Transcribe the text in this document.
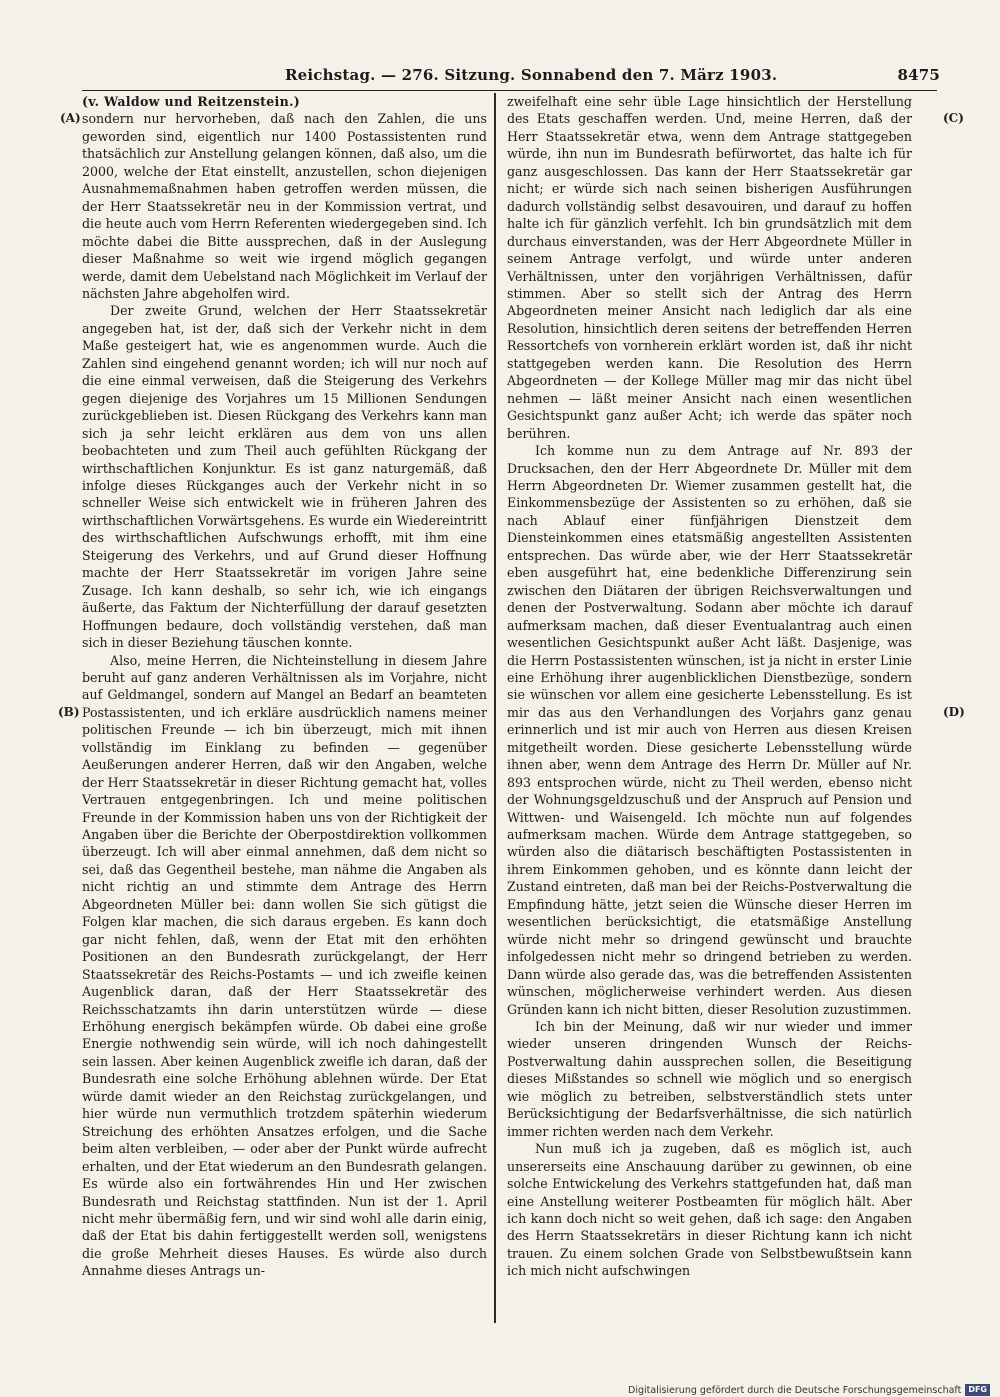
Reichstag. — 276. Sitzung. Sonnabend den 7. März 1903.	8475
(A)
(B)
(C)
(D)

(v. Waldow und Reitzenstein.)

sondern nur hervorheben, daß nach den Zahlen, die uns geworden sind, eigentlich nur 1400 Postassistenten rund thatsächlich zur Anstellung gelangen können, daß also, um die 2000, welche der Etat einstellt, anzustellen, schon diejenigen Ausnahmemaßnahmen haben getroffen werden müssen, die der Herr Staatssekretär neu in der Kommission vertrat, und die heute auch vom Herrn Referenten wiedergegeben sind. Ich möchte dabei die Bitte aussprechen, daß in der Auslegung dieser Maßnahme so weit wie irgend möglich gegangen werde, damit dem Uebelstand nach Möglichkeit im Verlauf der nächsten Jahre abgeholfen wird.

Der zweite Grund, welchen der Herr Staatssekretär angegeben hat, ist der, daß sich der Verkehr nicht in dem Maße gesteigert hat, wie es angenommen wurde. Auch die Zahlen sind eingehend genannt worden; ich will nur noch auf die eine einmal verweisen, daß die Steigerung des Verkehrs gegen diejenige des Vorjahres um 15 Millionen Sendungen zurückgeblieben ist. Diesen Rückgang des Verkehrs kann man sich ja sehr leicht erklären aus dem von uns allen beobachteten und zum Theil auch gefühlten Rückgang der wirthschaftlichen Konjunktur. Es ist ganz naturgemäß, daß infolge dieses Rückganges auch der Verkehr nicht in so schneller Weise sich entwickelt wie in früheren Jahren des wirthschaftlichen Vorwärtsgehens. Es wurde ein Wiedereintritt des wirthschaftlichen Aufschwungs erhofft, mit ihm eine Steigerung des Verkehrs, und auf Grund dieser Hoffnung machte der Herr Staatssekretär im vorigen Jahre seine Zusage. Ich kann deshalb, so sehr ich, wie ich eingangs äußerte, das Faktum der Nichterfüllung der darauf gesetzten Hoffnungen bedaure, doch vollständig verstehen, daß man sich in dieser Beziehung täuschen konnte.

Also, meine Herren, die Nichteinstellung in diesem Jahre beruht auf ganz anderen Verhältnissen als im Vorjahre, nicht auf Geldmangel, sondern auf Mangel an Bedarf an beamteten Postassistenten, und ich erkläre ausdrücklich namens meiner politischen Freunde — ich bin überzeugt, mich mit ihnen vollständig im Einklang zu befinden — gegenüber Aeußerungen anderer Herren, daß wir den Angaben, welche der Herr Staatssekretär in dieser Richtung gemacht hat, volles Vertrauen entgegenbringen. Ich und meine politischen Freunde in der Kommission haben uns von der Richtigkeit der Angaben über die Berichte der Oberpostdirektion vollkommen überzeugt. Ich will aber einmal annehmen, daß dem nicht so sei, daß das Gegentheil bestehe, man nähme die Angaben als nicht richtig an und stimmte dem Antrage des Herrn Abgeordneten Müller bei: dann wollen Sie sich gütigst die Folgen klar machen, die sich daraus ergeben. Es kann doch gar nicht fehlen, daß, wenn der Etat mit den erhöhten Positionen an den Bundesrath zurückgelangt, der Herr Staatssekretär des Reichs-Postamts — und ich zweifle keinen Augenblick daran, daß der Herr Staatssekretär des Reichsschatzamts ihn darin unterstützen würde — diese Erhöhung energisch bekämpfen würde. Ob dabei eine große Energie nothwendig sein würde, will ich noch dahingestellt sein lassen. Aber keinen Augenblick zweifle ich daran, daß der Bundesrath eine solche Erhöhung ablehnen würde. Der Etat würde damit wieder an den Reichstag zurückgelangen, und hier würde nun vermuthlich trotzdem späterhin wiederum Streichung des erhöhten Ansatzes erfolgen, und die Sache beim alten verbleiben, — oder aber der Punkt würde aufrecht erhalten, und der Etat wiederum an den Bundesrath gelangen. Es würde also ein fortwährendes Hin und Her zwischen Bundesrath und Reichstag stattfinden. Nun ist der 1. April nicht mehr übermäßig fern, und wir sind wohl alle darin einig, daß der Etat bis dahin fertiggestellt werden soll, wenigstens die große Mehrheit dieses Hauses. Es würde also durch Annahme dieses Antrags un-

zweifelhaft eine sehr üble Lage hinsichtlich der Herstellung des Etats geschaffen werden. Und, meine Herren, daß der Herr Staatssekretär etwa, wenn dem Antrage stattgegeben würde, ihn nun im Bundesrath befürwortet, das halte ich für ganz ausgeschlossen. Das kann der Herr Staatssekretär gar nicht; er würde sich nach seinen bisherigen Ausführungen dadurch vollständig selbst desavouiren, und darauf zu hoffen halte ich für gänzlich verfehlt. Ich bin grundsätzlich mit dem durchaus einverstanden, was der Herr Abgeordnete Müller in seinem Antrage verfolgt, und würde unter anderen Verhältnissen, unter den vorjährigen Verhältnissen, dafür stimmen. Aber so stellt sich der Antrag des Herrn Abgeordneten meiner Ansicht nach lediglich dar als eine Resolution, hinsichtlich deren seitens der betreffenden Herren Ressortchefs von vornherein erklärt worden ist, daß ihr nicht stattgegeben werden kann. Die Resolution des Herrn Abgeordneten — der Kollege Müller mag mir das nicht übel nehmen — läßt meiner Ansicht nach einen wesentlichen Gesichtspunkt ganz außer Acht; ich werde das später noch berühren.

Ich komme nun zu dem Antrage auf Nr. 893 der Drucksachen, den der Herr Abgeordnete Dr. Müller mit dem Herrn Abgeordneten Dr. Wiemer zusammen gestellt hat, die Einkommensbezüge der Assistenten so zu erhöhen, daß sie nach Ablauf einer fünfjährigen Dienstzeit dem Diensteinkommen eines etatsmäßig angestellten Assistenten entsprechen. Das würde aber, wie der Herr Staatssekretär eben ausgeführt hat, eine bedenkliche Differenzirung sein zwischen den Diätaren der übrigen Reichsverwaltungen und denen der Postverwaltung. Sodann aber möchte ich darauf aufmerksam machen, daß dieser Eventualantrag auch einen wesentlichen Gesichtspunkt außer Acht läßt. Dasjenige, was die Herrn Postassistenten wünschen, ist ja nicht in erster Linie eine Erhöhung ihrer augenblicklichen Dienstbezüge, sondern sie wünschen vor allem eine gesicherte Lebensstellung. Es ist mir das aus den Verhandlungen des Vorjahrs ganz genau erinnerlich und ist mir auch von Herren aus diesen Kreisen mitgetheilt worden. Diese gesicherte Lebensstellung würde ihnen aber, wenn dem Antrage des Herrn Dr. Müller auf Nr. 893 entsprochen würde, nicht zu Theil werden, ebenso nicht der Wohnungsgeldzuschuß und der Anspruch auf Pension und Wittwen- und Waisengeld. Ich möchte nun auf folgendes aufmerksam machen. Würde dem Antrage stattgegeben, so würden also die diätarisch beschäftigten Postassistenten in ihrem Einkommen gehoben, und es könnte dann leicht der Zustand eintreten, daß man bei der Reichs-Postverwaltung die Empfindung hätte, jetzt seien die Wünsche dieser Herren im wesentlichen berücksichtigt, die etatsmäßige Anstellung würde nicht mehr so dringend gewünscht und brauchte infolgedessen nicht mehr so dringend betrieben zu werden. Dann würde also gerade das, was die betreffenden Assistenten wünschen, möglicherweise verhindert werden. Aus diesen Gründen kann ich nicht bitten, dieser Resolution zuzustimmen.

Ich bin der Meinung, daß wir nur wieder und immer wieder unseren dringenden Wunsch der Reichs-Postverwaltung dahin aussprechen sollen, die Beseitigung dieses Mißstandes so schnell wie möglich und so energisch wie möglich zu betreiben, selbstverständlich stets unter Berücksichtigung der Bedarfsverhältnisse, die sich natürlich immer richten werden nach dem Verkehr.

Nun muß ich ja zugeben, daß es möglich ist, auch unsererseits eine Anschauung darüber zu gewinnen, ob eine solche Entwickelung des Verkehrs stattgefunden hat, daß man eine Anstellung weiterer Postbeamten für möglich hält. Aber ich kann doch nicht so weit gehen, daß ich sage: den Angaben des Herrn Staatssekretärs in dieser Richtung kann ich nicht trauen. Zu einem solchen Grade von Selbstbewußtsein kann ich mich nicht aufschwingen

Digitalisierung gefördert durch die Deutsche Forschungsgemeinschaft DFG
